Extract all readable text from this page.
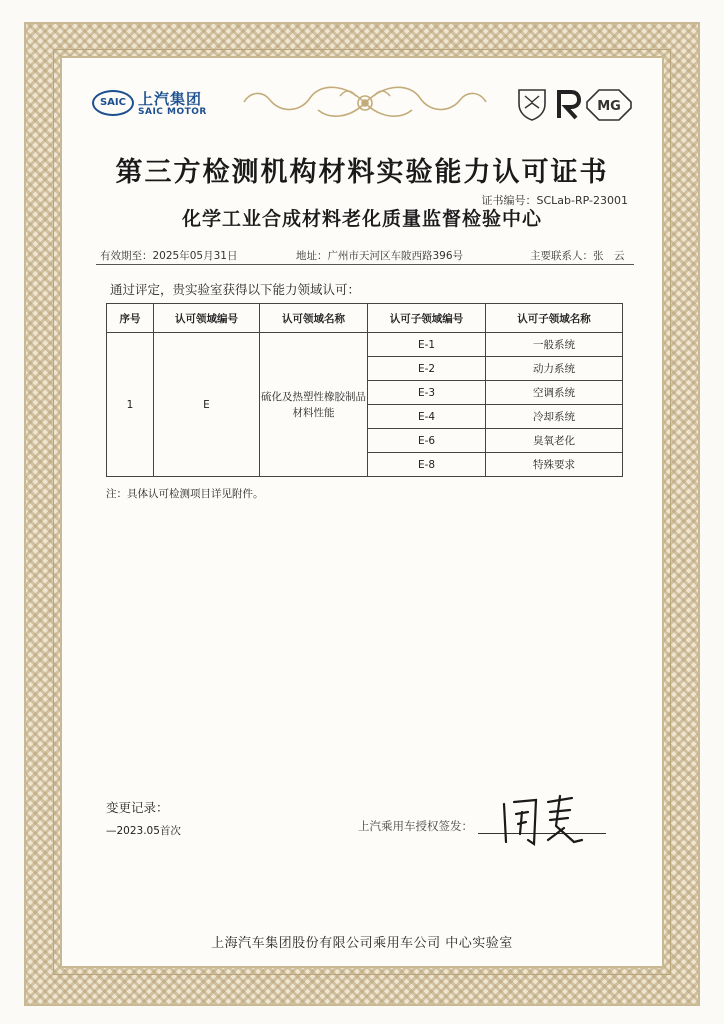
SAIC 上汽集团
SAIC MOTOR	MG
第三方检测机构材料实验能力认可证书
证书编号：SCLab-RP-23001
化学工业合成材料老化质量监督检验中心
有效期至：2025年05月31日	地址：广州市天河区车陂西路396号	主要联系人：张　云
通过评定，贵实验室获得以下能力领域认可：
序号	认可领域编号	认可领域名称	认可子领域编号	认可子领域名称
1	E	硫化及热塑性橡胶制品材料性能	E-1	一般系统
			E-2	动力系统
			E-3	空调系统
			E-4	冷却系统
			E-6	臭氧老化
			E-8	特殊要求
注：具体认可检测项目详见附件。
变更记录：
—2023.05首次	上汽乘用车授权签发：
上海汽车集团股份有限公司乘用车公司 中心实验室
